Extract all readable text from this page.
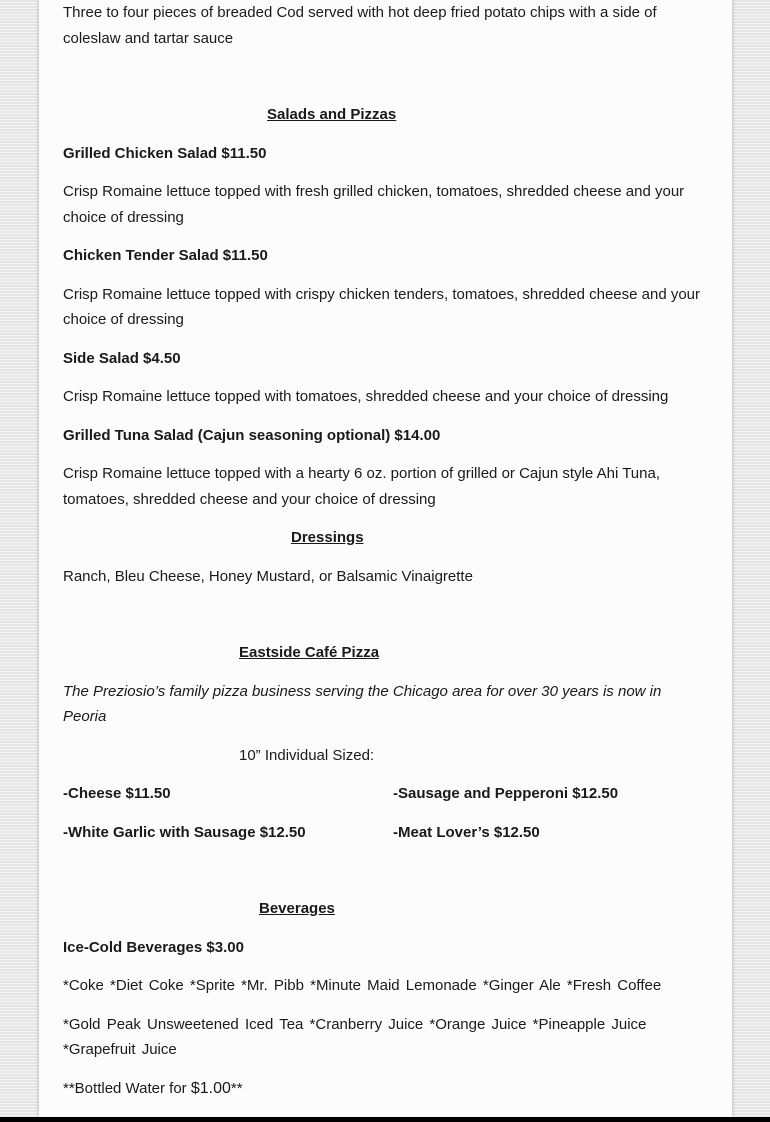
Three to four pieces of breaded Cod served with hot deep fried potato chips with a side of coleslaw and tartar sauce

Salads and Pizzas

Grilled Chicken Salad $11.50

Crisp Romaine lettuce topped with fresh grilled chicken, tomatoes, shredded cheese and your choice of dressing

Chicken Tender Salad $11.50

Crisp Romaine lettuce topped with crispy chicken tenders, tomatoes, shredded cheese and your choice of dressing

Side Salad $4.50

Crisp Romaine lettuce topped with tomatoes, shredded cheese and your choice of dressing

Grilled Tuna Salad (Cajun seasoning optional) $14.00

Crisp Romaine lettuce topped with a hearty 6 oz. portion of grilled or Cajun style Ahi Tuna, tomatoes, shredded cheese and your choice of dressing

Dressings

Ranch, Bleu Cheese, Honey Mustard, or Balsamic Vinaigrette

Eastside Café Pizza

The Preziosio’s family pizza business serving the Chicago area for over 30 years is now in Peoria

10” Individual Sized:

-Cheese $11.50	-Sausage and Pepperoni $12.50
-White Garlic with Sausage $12.50	-Meat Lover’s $12.50

Beverages

Ice-Cold Beverages $3.00

*Coke *Diet Coke *Sprite *Mr. Pibb *Minute Maid Lemonade *Ginger Ale *Fresh Coffee

*Gold Peak Unsweetened Iced Tea *Cranberry Juice *Orange Juice *Pineapple Juice *Grapefruit Juice

**Bottled Water for $1.00**
